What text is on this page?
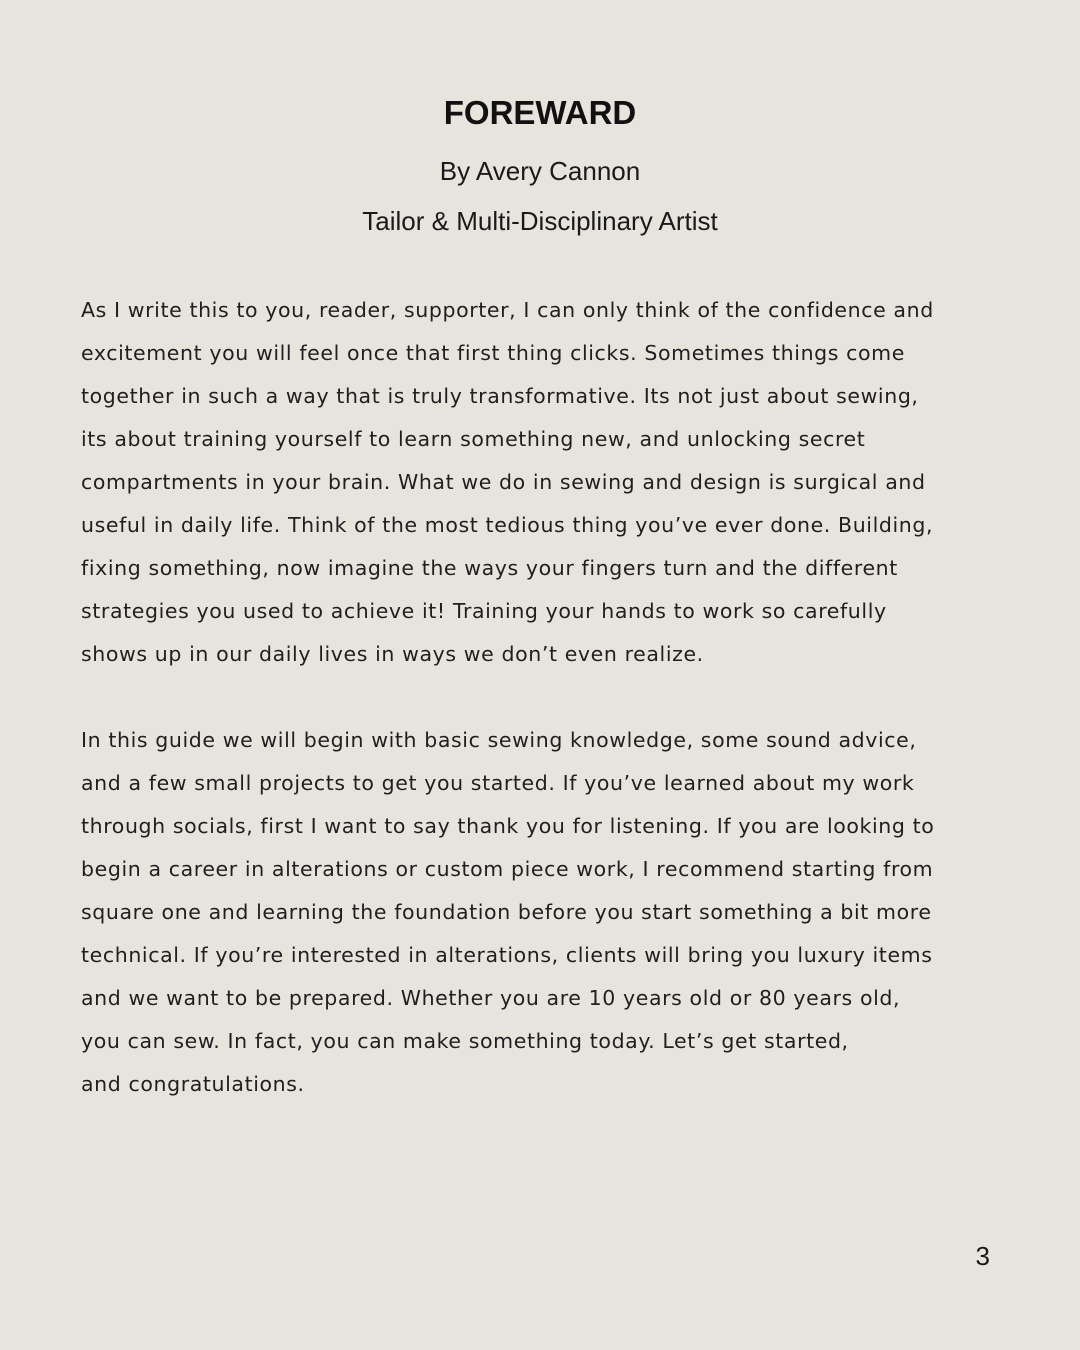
FOREWARD

By Avery Cannon

Tailor & Multi-Disciplinary Artist

As I write this to you, reader, supporter, I can only think of the confidence and
excitement you will feel once that first thing clicks. Sometimes things come
together in such a way that is truly transformative. Its not just about sewing,
its about training yourself to learn something new, and unlocking secret
compartments in your brain. What we do in sewing and design is surgical and
useful in daily life. Think of the most tedious thing you’ve ever done. Building,
fixing something, now imagine the ways your fingers turn and the different
strategies you used to achieve it! Training your hands to work so carefully
shows up in our daily lives in ways we don’t even realize.

In this guide we will begin with basic sewing knowledge, some sound advice,
and a few small projects to get you started. If you’ve learned about my work
through socials, first I want to say thank you for listening. If you are looking to
begin a career in alterations or custom piece work, I recommend starting from
square one and learning the foundation before you start something a bit more
technical. If you’re interested in alterations, clients will bring you luxury items
and we want to be prepared. Whether you are 10 years old or 80 years old,
you can sew. In fact, you can make something today. Let’s get started,
and congratulations.

3
